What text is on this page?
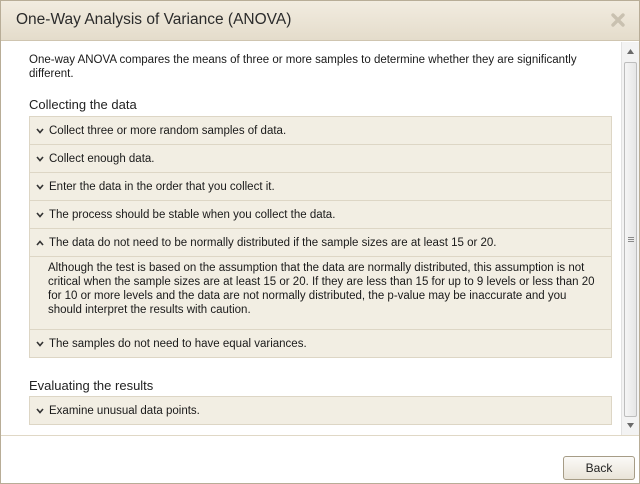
One-Way Analysis of Variance (ANOVA)
One-way ANOVA compares the means of three or more samples to determine whether they are significantly different.
Collecting the data
Collect three or more random samples of data.
Collect enough data.
Enter the data in the order that you collect it.
The process should be stable when you collect the data.
The data do not need to be normally distributed if the sample sizes are at least 15 or 20.
Although the test is based on the assumption that the data are normally distributed, this assumption is not critical when the sample sizes are at least 15 or 20. If they are less than 15 for up to 9 levels or less than 20 for 10 or more levels and the data are not normally distributed, the p-value may be inaccurate and you should interpret the results with caution.
The samples do not need to have equal variances.
Evaluating the results
Examine unusual data points.
Back
